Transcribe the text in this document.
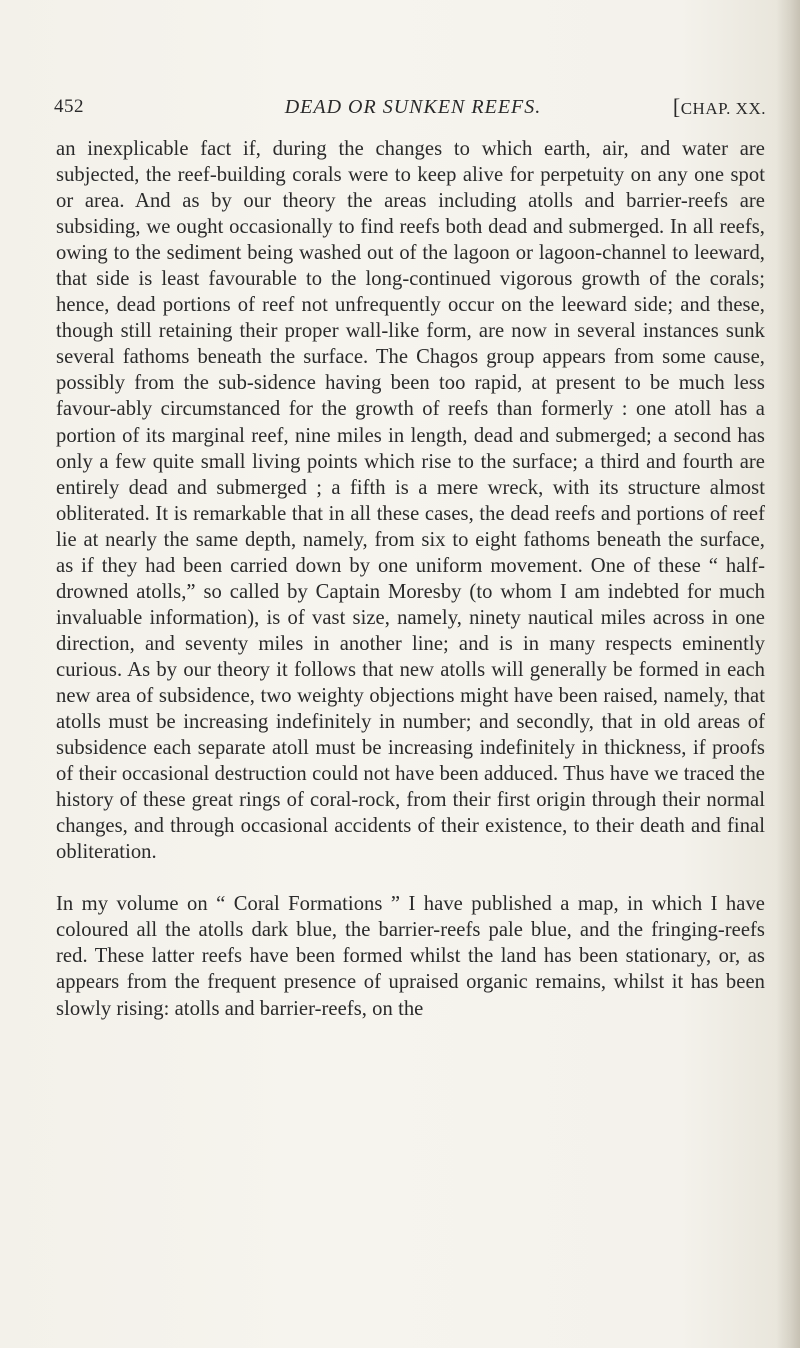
452	DEAD OR SUNKEN REEFS.	[CHAP. XX.

an inexplicable fact if, during the changes to which earth, air, and water are subjected, the reef-building corals were to keep alive for perpetuity on any one spot or area. And as by our theory the areas including atolls and barrier-reefs are subsiding, we ought occasionally to find reefs both dead and submerged. In all reefs, owing to the sediment being washed out of the lagoon or lagoon-channel to leeward, that side is least favourable to the long-continued vigorous growth of the corals; hence, dead portions of reef not unfrequently occur on the leeward side; and these, though still retaining their proper wall-like form, are now in several instances sunk several fathoms beneath the surface. The Chagos group appears from some cause, possibly from the sub-sidence having been too rapid, at present to be much less favour-ably circumstanced for the growth of reefs than formerly : one atoll has a portion of its marginal reef, nine miles in length, dead and submerged; a second has only a few quite small living points which rise to the surface; a third and fourth are entirely dead and submerged ; a fifth is a mere wreck, with its structure almost obliterated. It is remarkable that in all these cases, the dead reefs and portions of reef lie at nearly the same depth, namely, from six to eight fathoms beneath the surface, as if they had been carried down by one uniform movement. One of these “ half-drowned atolls,” so called by Captain Moresby (to whom I am indebted for much invaluable information), is of vast size, namely, ninety nautical miles across in one direction, and seventy miles in another line; and is in many respects eminently curious. As by our theory it follows that new atolls will generally be formed in each new area of subsidence, two weighty objections might have been raised, namely, that atolls must be increasing indefinitely in number; and secondly, that in old areas of subsidence each separate atoll must be increasing indefinitely in thickness, if proofs of their occasional destruction could not have been adduced. Thus have we traced the history of these great rings of coral-rock, from their first origin through their normal changes, and through occasional accidents of their existence, to their death and final obliteration.

In my volume on “ Coral Formations ” I have published a map, in which I have coloured all the atolls dark blue, the barrier-reefs pale blue, and the fringing-reefs red. These latter reefs have been formed whilst the land has been stationary, or, as appears from the frequent presence of upraised organic remains, whilst it has been slowly rising: atolls and barrier-reefs, on the
